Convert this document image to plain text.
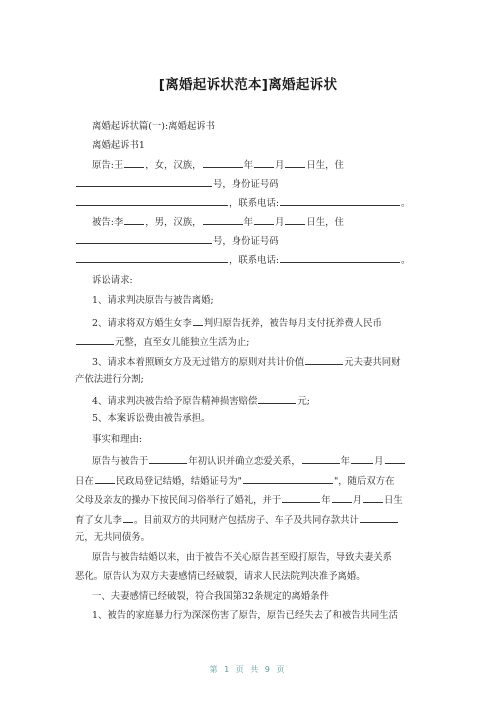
[离婚起诉状范本]离婚起诉状
离婚起诉状篇(一):离婚起诉书
离婚起诉书1
原告:王 ，女，汉族，	年 月 日生，住
号，身份证号码
，联系电话:	。
被告:李 ，男，汉族，	年 月 日生，住
号，身份证号码
，联系电话:	。
诉讼请求:
1、请求判决原告与被告离婚;
2、请求将双方婚生女李 判归原告抚养，被告每月支付抚养费人民币
元整，直至女儿能独立生活为止;
3、请求本着照顾女方及无过错方的原则对共计价值	元夫妻共同财
产依法进行分割;
4、请求判决被告给予原告精神损害赔偿	元;
5、本案诉讼费由被告承担。
事实和理由:
原告与被告于	年初认识并确立恋爱关系，	年	月
日在 民政局登记结婚，结婚证号为"	"，随后双方在
父母及亲友的操办下按民间习俗举行了婚礼，并于	年 月 日生
育了女儿李 。目前双方的共同财产包括房子、车子及共同存款共计
元，无共同债务。
原告与被告结婚以来，由于被告不关心原告甚至殴打原告，导致夫妻关系
恶化。原告认为双方夫妻感情已经破裂，请求人民法院判决准予离婚。
一、夫妻感情已经破裂，符合我国第32条规定的离婚条件
1、被告的家庭暴力行为深深伤害了原告，原告已经失去了和被告共同生活
第 1 页 共 9 页
